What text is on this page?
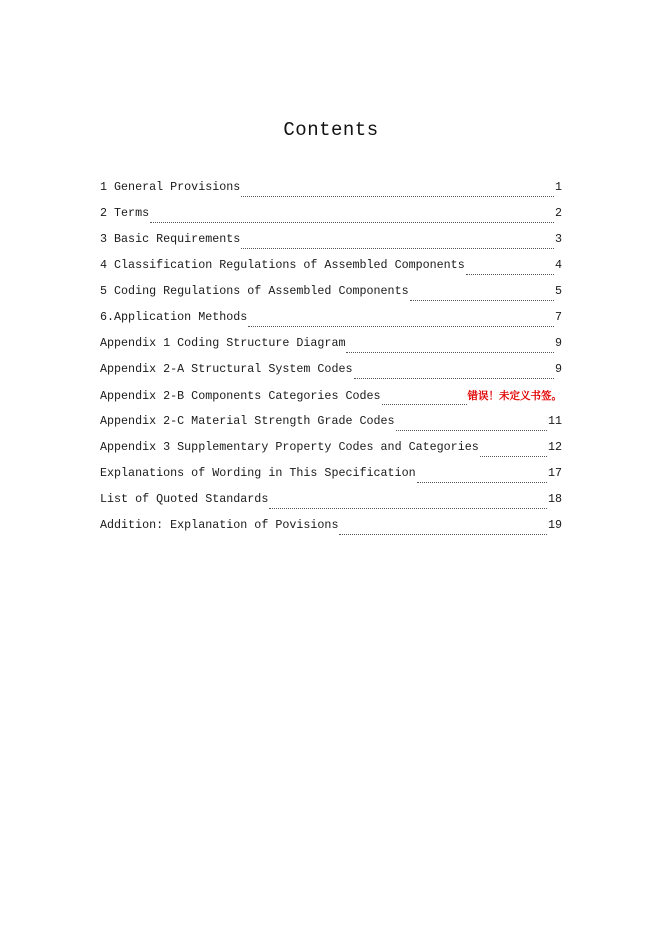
Contents
1 General Provisions	1
2 Terms	2
3 Basic Requirements	3
4 Classification Regulations of Assembled Components	4
5 Coding Regulations of Assembled Components	5
6.Application Methods	7
Appendix 1 Coding Structure Diagram	9
Appendix 2-A Structural System Codes	9
Appendix 2-B Components Categories Codes	错误！未定义书签。
Appendix 2-C Material Strength Grade Codes	11
Appendix 3 Supplementary Property Codes and Categories	12
Explanations of Wording in This Specification	17
List of Quoted Standards	18
Addition: Explanation of Povisions	19
